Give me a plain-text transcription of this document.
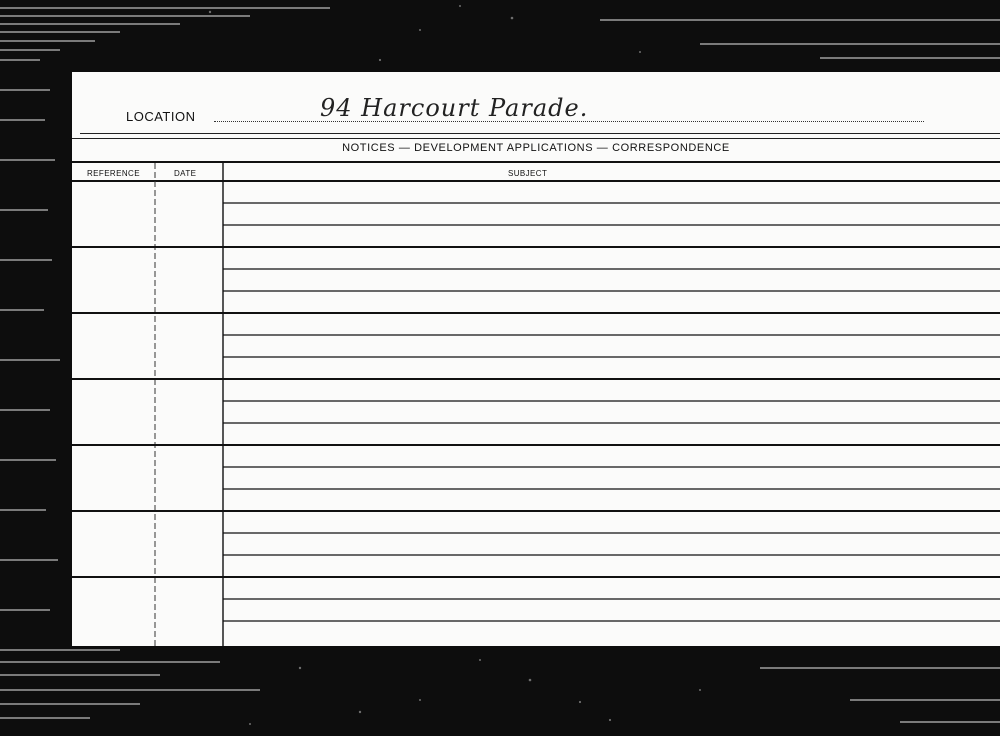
LOCATION	94 Harcourt Parade.
NOTICES — DEVELOPMENT APPLICATIONS — CORRESPONDENCE
REFERENCE	DATE	SUBJECT
